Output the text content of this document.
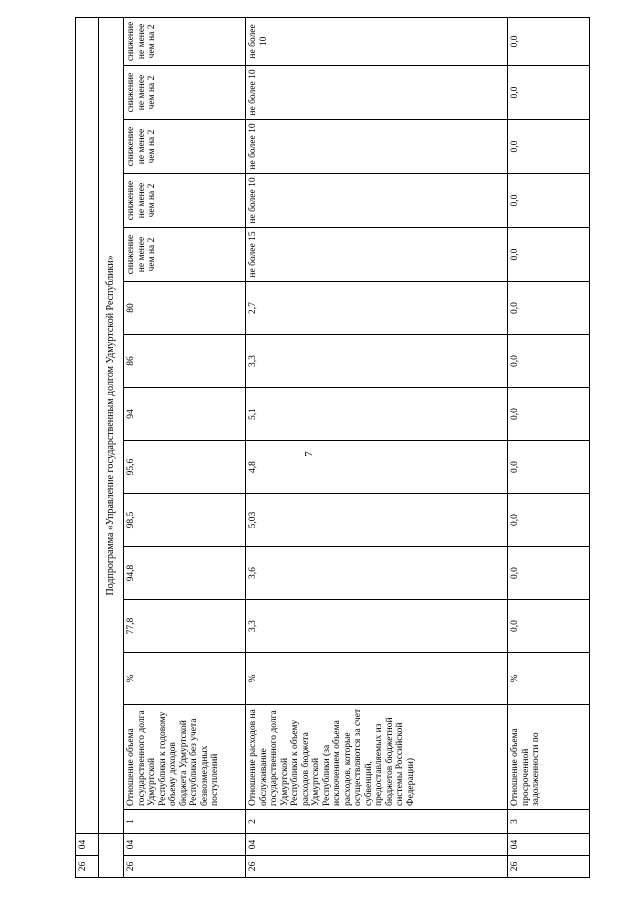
7
26	04															
		Подпрограмма «Управление государственным долгом Удмуртской Республики»														
26	04	1	Отношение объема государственного долга Удмуртской Республики к годовому объему доходов бюджета Удмуртской Республики без учета безвозмездных поступлений	%	77,8	94,8	98,5	95,6	94	86	80	снижение не менее чем на 2	снижение не менее чем на 2	снижение не менее чем на 2	снижение не менее чем на 2	снижение не менее чем на 2
26	04	2	Отношение расходов на обслуживание государственного долга Удмуртской Республики к объему расходов бюджета Удмуртской Республики (за исключением объема расходов, которые осуществляются за счет субвенций, предоставляемых из бюджетов бюджетной системы Российской Федерации)	%	3,3	3,6	5,03	4,8	5,1	3,3	2,7	не более 15	не более 10	не более 10	не более 10	не более 10
26	04	3	Отношение объема просроченной задолженности по	%	0,0	0,0	0,0	0,0	0,0	0,0	0,0	0,0	0,0	0,0	0,0	0,0
